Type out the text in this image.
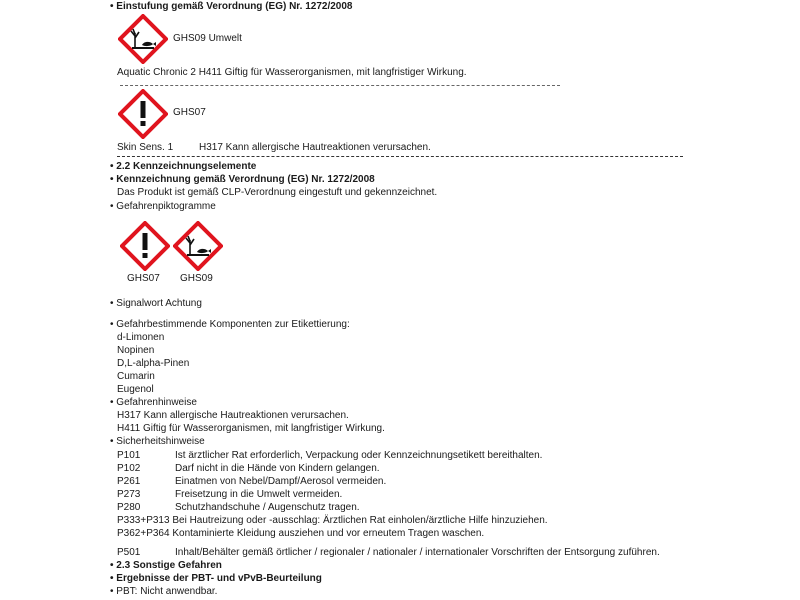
• Einstufung gemäß Verordnung (EG) Nr. 1272/2008
GHS09 Umwelt
Aquatic Chronic 2 H411 Giftig für Wasserorganismen, mit langfristiger Wirkung.
GHS07
Skin Sens. 1	H317 Kann allergische Hautreaktionen verursachen.
• 2.2 Kennzeichnungselemente
• Kennzeichnung gemäß Verordnung (EG) Nr. 1272/2008
Das Produkt ist gemäß CLP-Verordnung eingestuft und gekennzeichnet.
• Gefahrenpiktogramme
GHS07 GHS09
• Signalwort Achtung
• Gefahrbestimmende Komponenten zur Etikettierung:
d-Limonen
Nopinen
D,L-alpha-Pinen
Cumarin
Eugenol
• Gefahrenhinweise
H317 Kann allergische Hautreaktionen verursachen.
H411 Giftig für Wasserorganismen, mit langfristiger Wirkung.
• Sicherheitshinweise
P101	Ist ärztlicher Rat erforderlich, Verpackung oder Kennzeichnungsetikett bereithalten.
P102	Darf nicht in die Hände von Kindern gelangen.
P261	Einatmen von Nebel/Dampf/Aerosol vermeiden.
P273	Freisetzung in die Umwelt vermeiden.
P280	Schutzhandschuhe / Augenschutz tragen.
P333+P313 Bei Hautreizung oder -ausschlag: Ärztlichen Rat einholen/ärztliche Hilfe hinzuziehen.
P362+P364 Kontaminierte Kleidung ausziehen und vor erneutem Tragen waschen.
P501	Inhalt/Behälter gemäß örtlicher / regionaler / nationaler / internationaler Vorschriften der Entsorgung zuführen.
• 2.3 Sonstige Gefahren
• Ergebnisse der PBT- und vPvB-Beurteilung
• PBT: Nicht anwendbar.
